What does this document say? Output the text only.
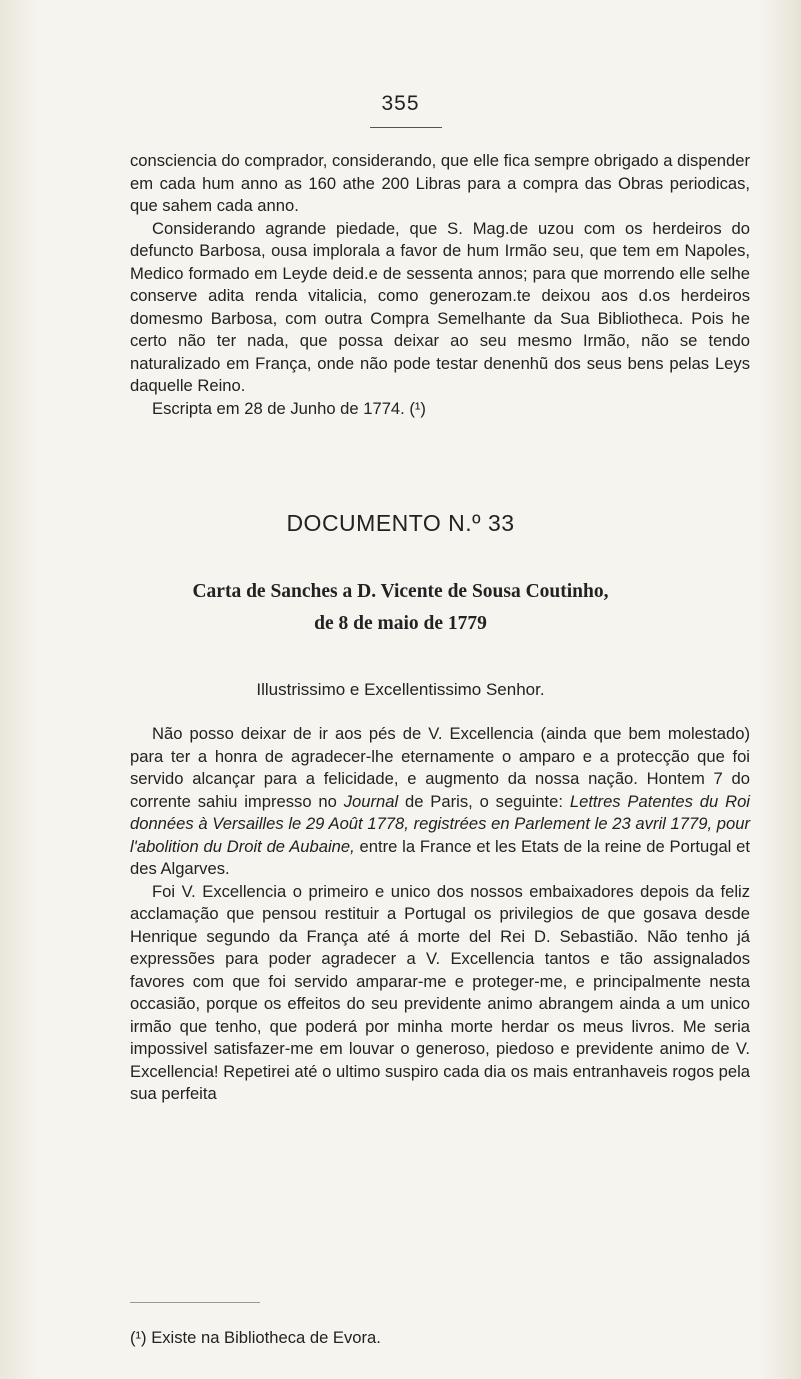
355

consciencia do comprador, considerando, que elle fica sempre obrigado a dispender em cada hum anno as 160 athe 200 Libras para a compra das Obras periodicas, que sahem cada anno.

Considerando agrande piedade, que S. Mag.de uzou com os herdeiros do defuncto Barbosa, ousa implorala a favor de hum Irmão seu, que tem em Napoles, Medico formado em Leyde deid.e de sessenta annos; para que morrendo elle selhe conserve adita renda vitalicia, como generozam.te deixou aos d.os herdeiros domesmo Barbosa, com outra Compra Semelhante da Sua Bibliotheca. Pois he certo não ter nada, que possa deixar ao seu mesmo Irmão, não se tendo naturalizado em França, onde não pode testar denenhũ dos seus bens pelas Leys daquelle Reino.

Escripta em 28 de Junho de 1774. (¹)

DOCUMENTO N.º 33
Carta de Sanches a D. Vicente de Sousa Coutinho,
de 8 de maio de 1779
Illustrissimo e Excellentissimo Senhor.

Não posso deixar de ir aos pés de V. Excellencia (ainda que bem molestado) para ter a honra de agradecer-lhe eternamente o amparo e a protecção que foi servido alcançar para a felicidade, e augmento da nossa nação. Hontem 7 do corrente sahiu impresso no Journal de Paris, o seguinte: Lettres Patentes du Roi données à Versailles le 29 Août 1778, registrées en Parlement le 23 avril 1779, pour l'abolition du Droit de Aubaine, entre la France et les Etats de la reine de Portugal et des Algarves.

Foi V. Excellencia o primeiro e unico dos nossos embaixadores depois da feliz acclamação que pensou restituir a Portugal os privilegios de que gosava desde Henrique segundo da França até á morte del Rei D. Sebastião. Não tenho já expressões para poder agradecer a V. Excellencia tantos e tão assignalados favores com que foi servido amparar-me e proteger-me, e principalmente nesta occasião, porque os effeitos do seu previdente animo abrangem ainda a um unico irmão que tenho, que poderá por minha morte herdar os meus livros. Me seria impossivel satisfazer-me em louvar o generoso, piedoso e previdente animo de V. Excellencia! Repetirei até o ultimo suspiro cada dia os mais entranhaveis rogos pela sua perfeita

(¹) Existe na Bibliotheca de Evora.
